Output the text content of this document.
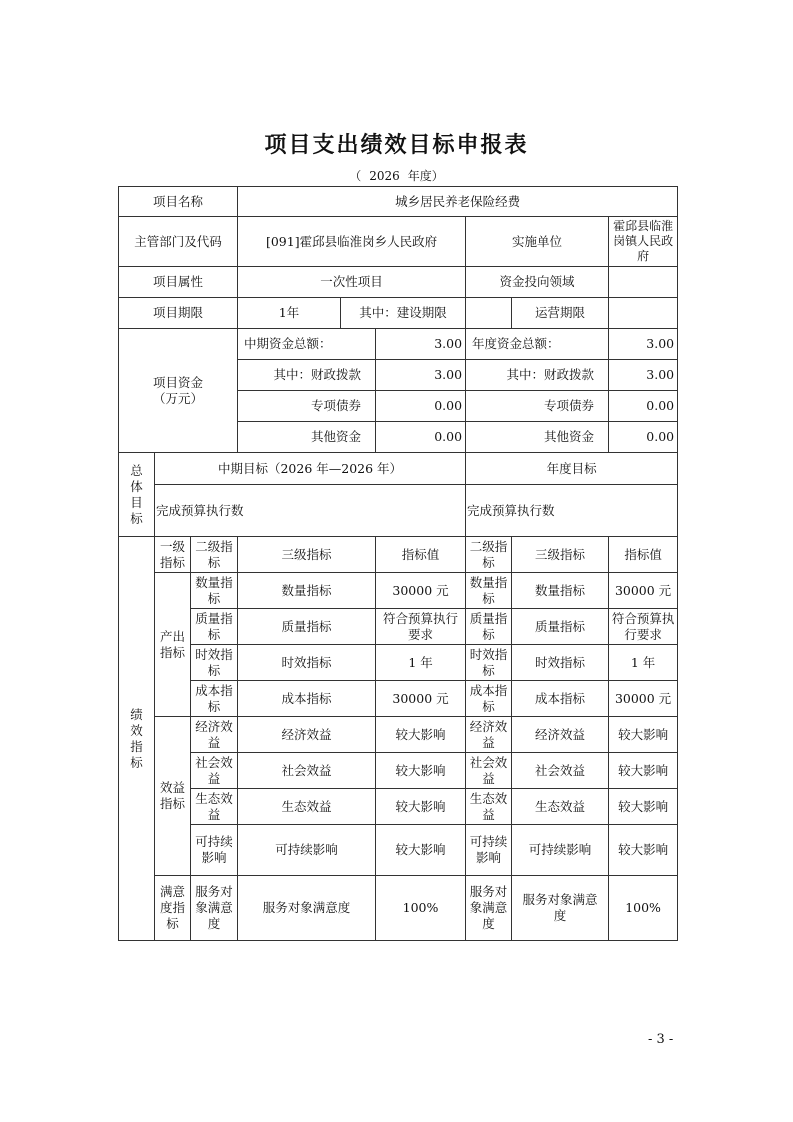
项目支出绩效目标申报表
（ 2026 年度）
项目名称			城乡居民养老保险经费					
主管部门及代码			[091]霍邱县临淮岗乡人民政府			实施单位		霍邱县临淮岗镇人民政府
项目属性			一次性项目			资金投向领域		
项目期限			1年	其中：建设期限			运营期限	

项目资金
（万元）			中期资金总额：		3.00	年度资金总额：		3.00
			其中：财政拨款		3.00	其中：财政拨款		3.00
			专项债券		0.00	专项债券		0.00
			其他资金		0.00	其他资金		0.00
总体目标	中期目标（2026 年—2026 年）					年度目标		
	完成预算执行数					完成预算执行数		
绩效指标	一级指标	二级指标	三级指标		指标值	二级指标	三级指标	指标值
	产出指标	数量指标	数量指标		30000 元	数量指标	数量指标	30000 元
		质量指标	质量指标		符合预算执行要求	质量指标	质量指标	符合预算执行要求
		时效指标	时效指标		1 年	时效指标	时效指标	1 年
		成本指标	成本指标		30000 元	成本指标	成本指标	30000 元
	效益指标	经济效益	经济效益		较大影响	经济效益	经济效益	较大影响
		社会效益	社会效益		较大影响	社会效益	社会效益	较大影响
		生态效益	生态效益		较大影响	生态效益	生态效益	较大影响
		可持续影响	可持续影响		较大影响	可持续影响	可持续影响	较大影响
	满意度指标	服务对象满意度	服务对象满意度		100%	服务对象满意度	服务对象满意度	100%
- 3 -
